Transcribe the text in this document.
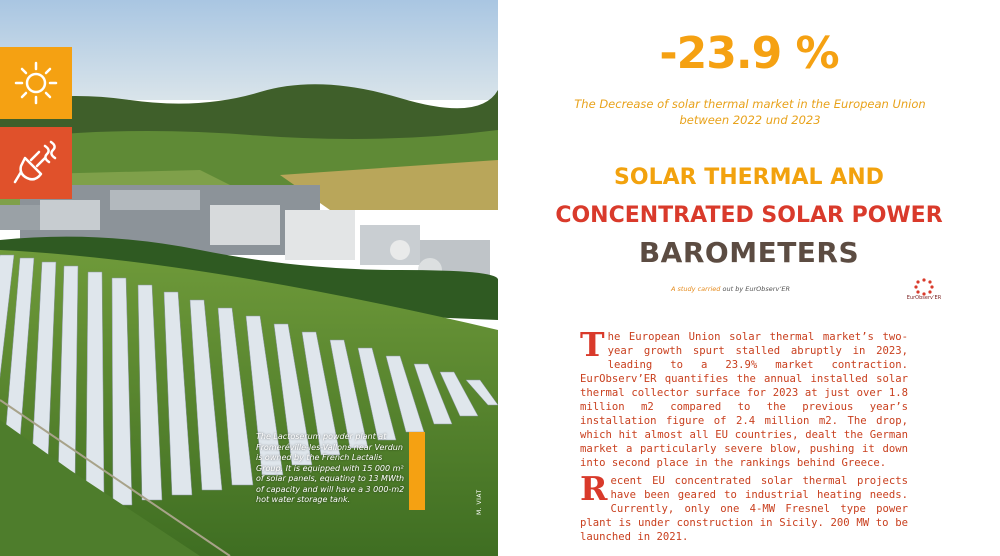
The Lactoserum powder plant at Fromeréville-les-Vallons near Verdun is owned by the French Lactalis Group. It is equipped with 15 000 m² of solar panels, equating to 13 MWth of capacity and will have a 3 000-m2 hot water storage tank.	M. VIAT
-23.9 %
The Decrease of solar thermal market in the European Union
between 2022 und 2023
SOLAR THERMAL AND
CONCENTRATED SOLAR POWER
BAROMETERS
A study carried out by EurObserv’ER
EurObserv’ER
The European Union solar thermal market’s two-year growth spurt stalled abruptly in 2023, leading to a 23.9% market contraction. EurObserv’ER quantifies the annual installed solar thermal collector surface for 2023 at just over 1.8 million m2 compared to the previous year’s installation figure of 2.4 million m2. The drop, which hit almost all EU countries, dealt the German market a particularly severe blow, pushing it down into second place in the rankings behind Greece.
Recent EU concentrated solar thermal projects have been geared to industrial heating needs. Currently, only one 4-MW Fresnel type power plant is under construction in Sicily. 200 MW to be launched in 2021.
